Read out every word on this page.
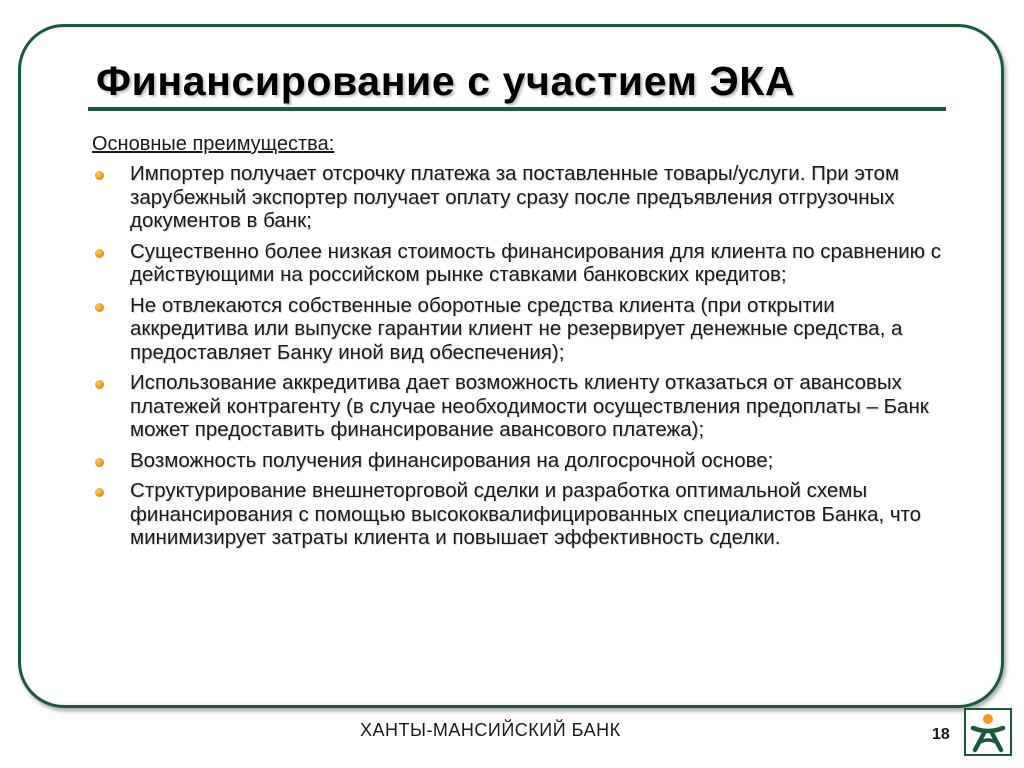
Финансирование с участием ЭКА
Основные преимущества:
Импортер получает отсрочку платежа за поставленные товары/услуги. При этом зарубежный экспортер получает оплату сразу после предъявления отгрузочных документов в банк;
Существенно более низкая стоимость финансирования для клиента по сравнению с действующими на российском рынке ставками банковских кредитов;
Не отвлекаются собственные оборотные средства клиента (при открытии аккредитива или выпуске гарантии клиент не резервирует денежные средства, а предоставляет Банку иной вид обеспечения);
Использование аккредитива дает возможность клиенту отказаться от авансовых платежей контрагенту (в случае необходимости осуществления предоплаты – Банк может предоставить финансирование авансового платежа);
Возможность получения финансирования на долгосрочной основе;
Структурирование внешнеторговой сделки и разработка оптимальной схемы финансирования с помощью высококвалифицированных специалистов Банка, что минимизирует затраты клиента и повышает эффективность сделки.
ХАНТЫ-МАНСИЙСКИЙ БАНК	18
